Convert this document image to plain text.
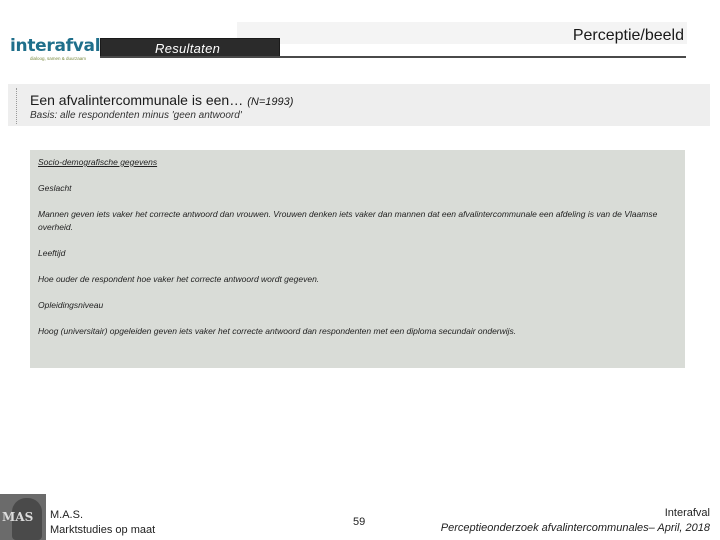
interafval
dialoog, samen & duurzaam
Resultaten
Perceptie/beeld
Een afvalintercommunale is een… (N=1993)
Basis: alle respondenten minus 'geen antwoord'

Socio-demografische gegevens

Geslacht

Mannen geven iets vaker het correcte antwoord dan vrouwen. Vrouwen denken iets vaker dan mannen dat een afvalintercommunale een afdeling is van de Vlaamse overheid.

Leeftijd

Hoe ouder de respondent hoe vaker het correcte antwoord wordt gegeven.

Opleidingsniveau

Hoog (universitair) opgeleiden geven iets vaker het correcte antwoord dan respondenten met een diploma secundair onderwijs.

MAS M.A.S.
Marktstudies op maat
59
Interafval
Perceptieonderzoek afvalintercommunales– April, 2018
